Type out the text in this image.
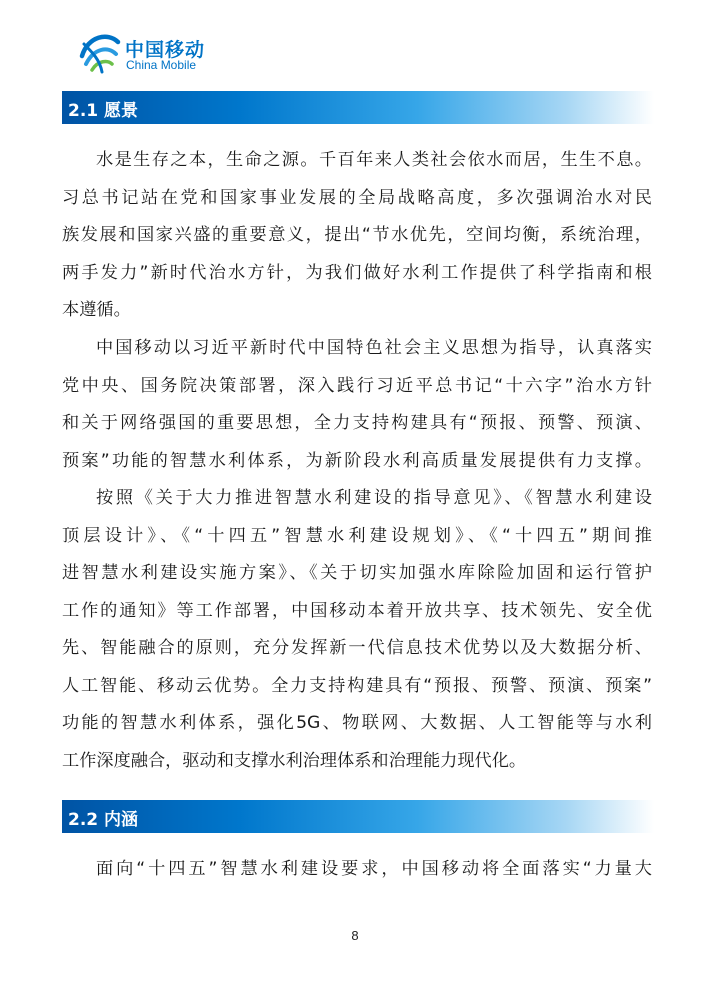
中国移动
China Mobile
2.1 愿景
水是生存之本，生命之源。千百年来人类社会依水而居，生生不息。
习总书记站在党和国家事业发展的全局战略高度，多次强调治水对民
族发展和国家兴盛的重要意义，提出“节水优先，空间均衡，系统治理，
两手发力”新时代治水方针，为我们做好水利工作提供了科学指南和根
本遵循。
中国移动以习近平新时代中国特色社会主义思想为指导，认真落实
党中央、国务院决策部署，深入践行习近平总书记“十六字”治水方针
和关于网络强国的重要思想，全力支持构建具有“预报、预警、预演、
预案”功能的智慧水利体系，为新阶段水利高质量发展提供有力支撑。
按照《关于大力推进智慧水利建设的指导意见》、《智慧水利建设
顶层设计》、《“十四五”智慧水利建设规划》、《“十四五”期间推
进智慧水利建设实施方案》、《关于切实加强水库除险加固和运行管护
工作的通知》等工作部署，中国移动本着开放共享、技术领先、安全优
先、智能融合的原则，充分发挥新一代信息技术优势以及大数据分析、
人工智能、移动云优势。全力支持构建具有“预报、预警、预演、预案”
功能的智慧水利体系，强化5G、物联网、大数据、人工智能等与水利
工作深度融合，驱动和支撑水利治理体系和治理能力现代化。
2.2 内涵
面向“十四五”智慧水利建设要求，中国移动将全面落实“力量大
8
